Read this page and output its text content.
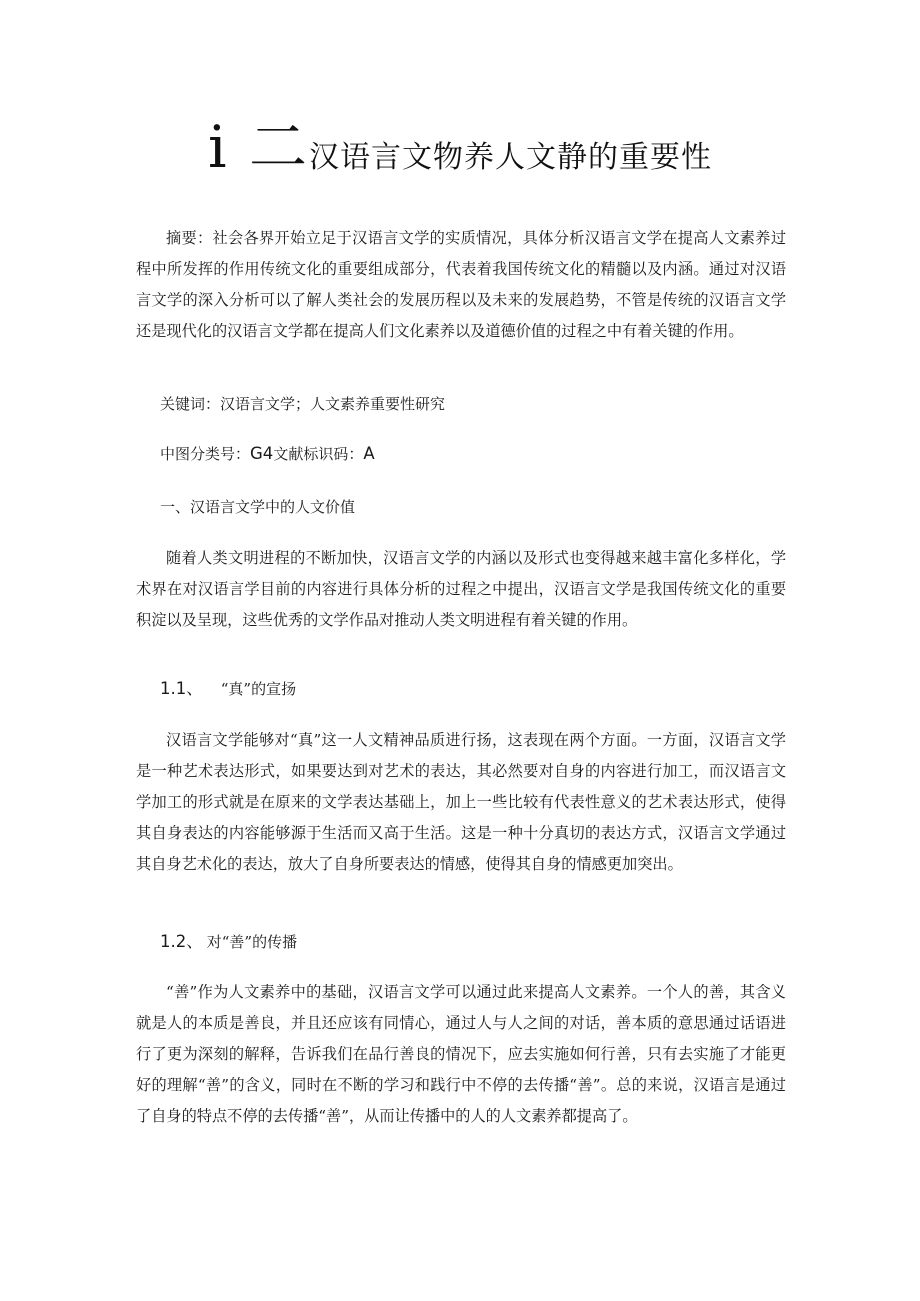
i 二汉语言文物养人文静的重要性

摘要：社会各界开始立足于汉语言文学的实质情况，具体分析汉语言文学在提高人文素养过程中所发挥的作用传统文化的重要组成部分，代表着我国传统文化的精髓以及内涵。通过对汉语言文学的深入分析可以了解人类社会的发展历程以及未来的发展趋势，不管是传统的汉语言文学还是现代化的汉语言文学都在提高人们文化素养以及道德价值的过程之中有着关键的作用。

关键词：汉语言文学；人文素养重要性研究

中图分类号：G4文献标识码：A

一、汉语言文学中的人文价值

随着人类文明进程的不断加快，汉语言文学的内涵以及形式也变得越来越丰富化多样化，学术界在对汉语言学目前的内容进行具体分析的过程之中提出，汉语言文学是我国传统文化的重要积淀以及呈现，这些优秀的文学作品对推动人类文明进程有着关键的作用。

1.1、 “真”的宣扬

汉语言文学能够对“真”这一人文精神品质进行扬，这表现在两个方面。一方面，汉语言文学是一种艺术表达形式，如果要达到对艺术的表达，其必然要对自身的内容进行加工，而汉语言文学加工的形式就是在原来的文学表达基础上，加上一些比较有代表性意义的艺术表达形式，使得其自身表达的内容能够源于生活而又高于生活。这是一种十分真切的表达方式，汉语言文学通过其自身艺术化的表达，放大了自身所要表达的情感，使得其自身的情感更加突出。

1.2、 对“善”的传播

“善”作为人文素养中的基础，汉语言文学可以通过此来提高人文素养。一个人的善，其含义就是人的本质是善良，并且还应该有同情心，通过人与人之间的对话，善本质的意思通过话语进行了更为深刻的解释，告诉我们在品行善良的情况下，应去实施如何行善，只有去实施了才能更好的理解“善”的含义，同时在不断的学习和践行中不停的去传播“善”。总的来说，汉语言是通过了自身的特点不停的去传播“善”，从而让传播中的人的人文素养都提高了。
